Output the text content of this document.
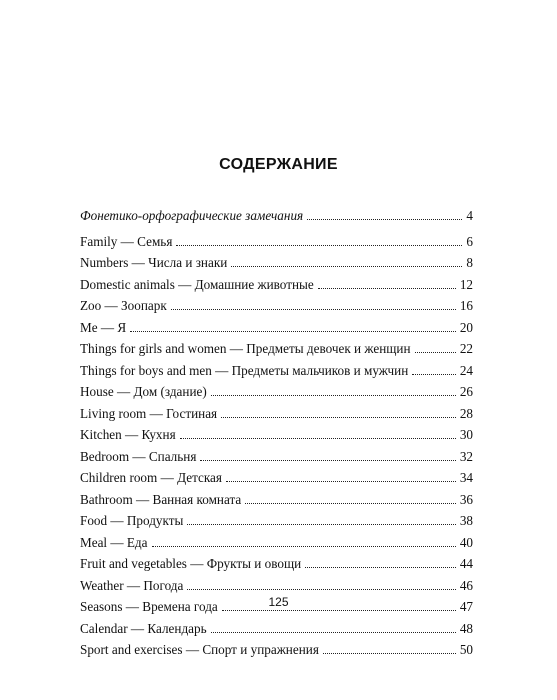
СОДЕРЖАНИЕ
Фонетико-орфографические замечания	4
Family — Семья	6
Numbers — Числа и знаки	8
Domestic animals — Домашние животные	12
Zoo — Зоопарк	16
Me — Я	20
Things for girls and women — Предметы девочек и женщин	22
Things for boys and men — Предметы мальчиков и мужчин	24
House — Дом (здание)	26
Living room — Гостиная	28
Kitchen — Кухня	30
Bedroom — Спальня	32
Children room — Детская	34
Bathroom — Ванная комната	36
Food — Продукты	38
Meal — Еда	40
Fruit and vegetables — Фрукты и овощи	44
Weather — Погода	46
Seasons — Времена года	47
Calendar — Календарь	48
Sport and exercises — Спорт и упражнения	50
125
